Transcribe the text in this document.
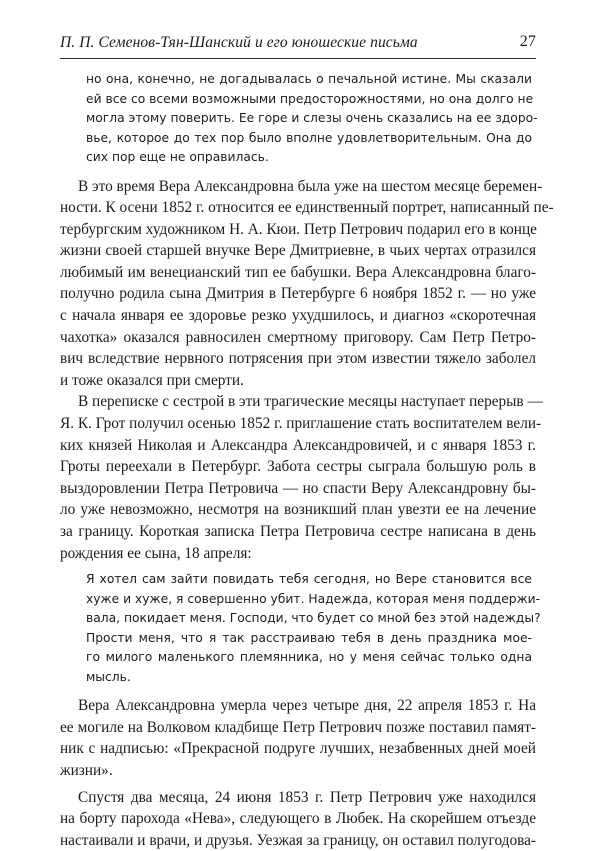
П. П. Семенов-Тян-Шанский и его юношеские письма	27
но она, конечно, не догадывалась о печальной истине. Мы сказали
ей все со всеми возможными предосторожностями, но она долго не
могла этому поверить. Ее горе и слезы очень сказались на ее здоро-
вье, которое до тех пор было вполне удовлетворительным. Она до
сих пор еще не оправилась.
В это время Вера Александровна была уже на шестом месяце беремен-
ности. К осени 1852 г. относится ее единственный портрет, написанный пе-
тербургским художником Н. А. Кюи. Петр Петрович подарил его в конце
жизни своей старшей внучке Вере Дмитриевне, в чьих чертах отразился
любимый им венецианский тип ее бабушки. Вера Александровна благо-
получно родила сына Дмитрия в Петербурге 6 ноября 1852 г. — но уже
с начала января ее здоровье резко ухудшилось, и диагноз «скоротечная
чахотка» оказался равносилен смертному приговору. Сам Петр Петро-
вич вследствие нервного потрясения при этом известии тяжело заболел
и тоже оказался при смерти.
В переписке с сестрой в эти трагические месяцы наступает перерыв —
Я. К. Грот получил осенью 1852 г. приглашение стать воспитателем вели-
ких князей Николая и Александра Александровичей, и с января 1853 г.
Гроты переехали в Петербург. Забота сестры сыграла большую роль в
выздоровлении Петра Петровича — но спасти Веру Александровну бы-
ло уже невозможно, несмотря на возникший план увезти ее на лечение
за границу. Короткая записка Петра Петровича сестре написана в день
рождения ее сына, 18 апреля:
Я хотел сам зайти повидать тебя сегодня, но Вере становится все
хуже и хуже, я совершенно убит. Надежда, которая меня поддержи-
вала, покидает меня. Господи, что будет со мной без этой надежды?
Прости меня, что я так расстраиваю тебя в день праздника мое-
го милого маленького племянника, но у меня сейчас только одна
мысль.
Вера Александровна умерла через четыре дня, 22 апреля 1853 г. На
ее могиле на Волковом кладбище Петр Петрович позже поставил памят-
ник с надписью: «Прекрасной подруге лучших, незабвенных дней моей
жизни».
Спустя два месяца, 24 июня 1853 г. Петр Петрович уже находился
на борту парохода «Нева», следующего в Любек. На скорейшем отъезде
настаивали и врачи, и друзья. Уезжая за границу, он оставил полугодова-
